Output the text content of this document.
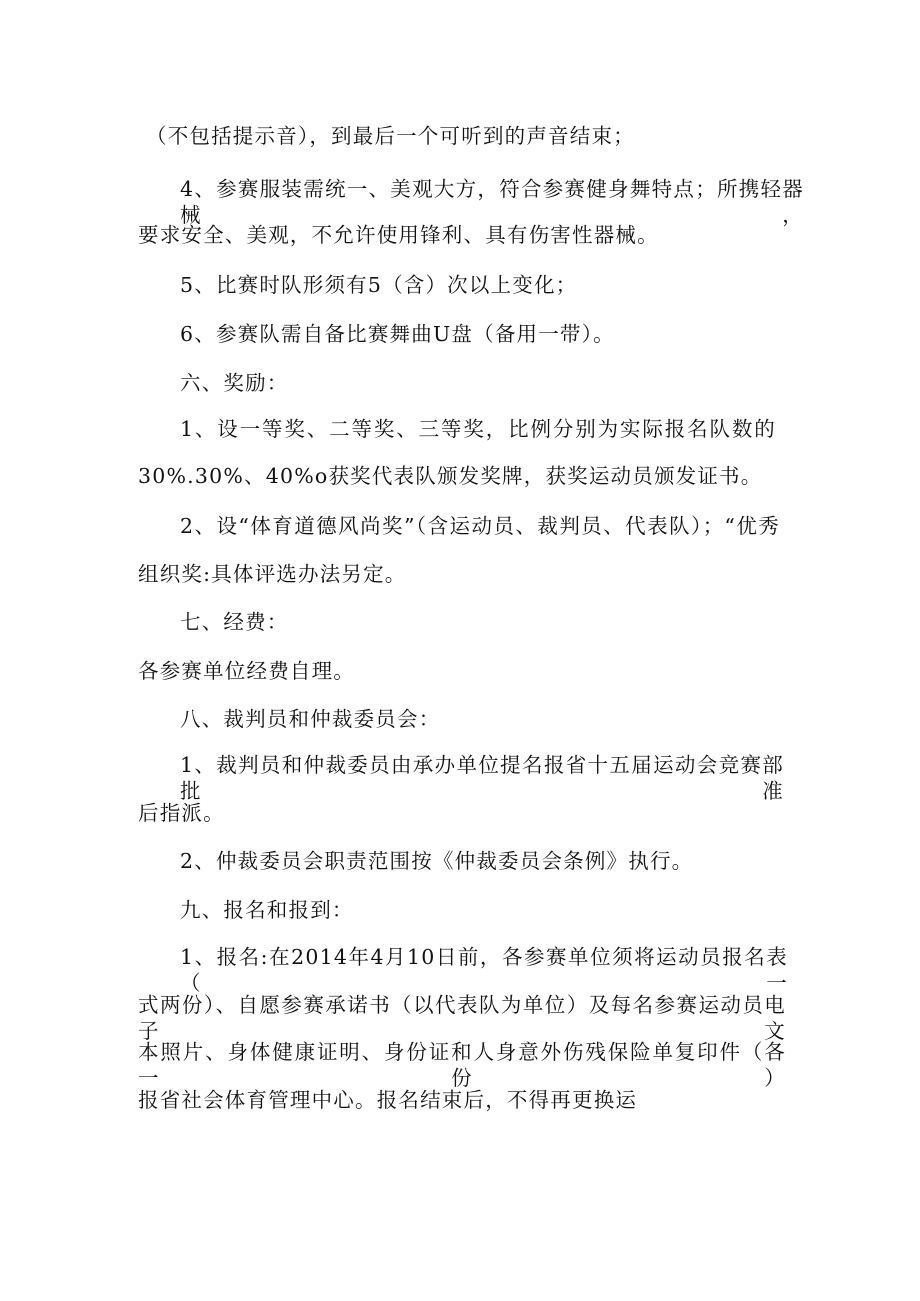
（不包括提示音），到最后一个可听到的声音结束；
4、参赛服装需统一、美观大方，符合参赛健身舞特点；所携轻器械，
要求安全、美观，不允许使用锋利、具有伤害性器械。
5、比赛时队形须有5（含）次以上变化；
6、参赛队需自备比赛舞曲U盘（备用一带）。
六、奖励：
1、设一等奖、二等奖、三等奖，比例分别为实际报名队数的
30%.30%、40%o获奖代表队颁发奖牌，获奖运动员颁发证书。
2、设“体育道德风尚奖”（含运动员、裁判员、代表队）；“优秀
组织奖:具体评选办法另定。
七、经费：
各参赛单位经费自理。
八、裁判员和仲裁委员会：
1、裁判员和仲裁委员由承办单位提名报省十五届运动会竞赛部批准
后指派。
2、仲裁委员会职责范围按《仲裁委员会条例》执行。
九、报名和报到：
1、报名:在2014年4月10日前，各参赛单位须将运动员报名表（一
式两份）、自愿参赛承诺书（以代表队为单位）及每名参赛运动员电子文
本照片、身体健康证明、身份证和人身意外伤残保险单复印件（各一份）
报省社会体育管理中心。报名结束后，不得再更换运
